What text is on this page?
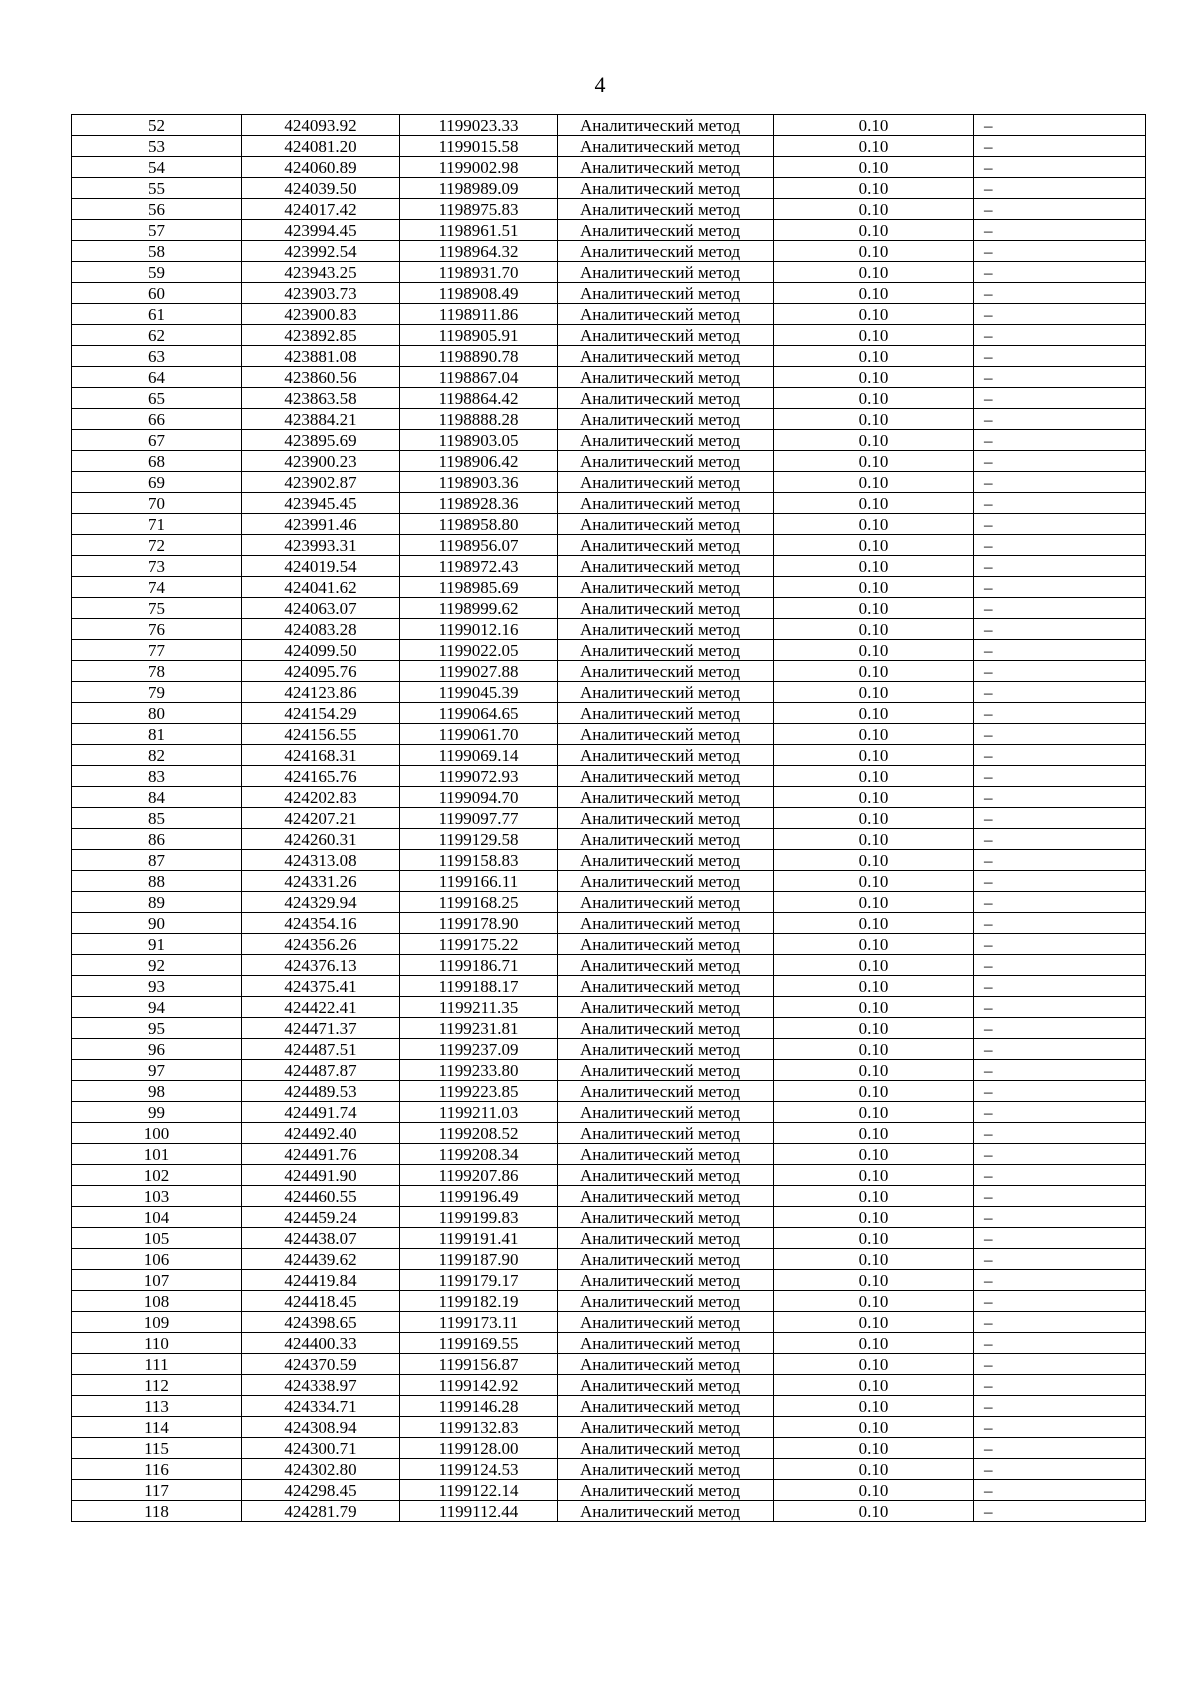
4
52	424093.92	1199023.33	Аналитический метод	0.10	–
53	424081.20	1199015.58	Аналитический метод	0.10	–
54	424060.89	1199002.98	Аналитический метод	0.10	–
55	424039.50	1198989.09	Аналитический метод	0.10	–
56	424017.42	1198975.83	Аналитический метод	0.10	–
57	423994.45	1198961.51	Аналитический метод	0.10	–
58	423992.54	1198964.32	Аналитический метод	0.10	–
59	423943.25	1198931.70	Аналитический метод	0.10	–
60	423903.73	1198908.49	Аналитический метод	0.10	–
61	423900.83	1198911.86	Аналитический метод	0.10	–
62	423892.85	1198905.91	Аналитический метод	0.10	–
63	423881.08	1198890.78	Аналитический метод	0.10	–
64	423860.56	1198867.04	Аналитический метод	0.10	–
65	423863.58	1198864.42	Аналитический метод	0.10	–
66	423884.21	1198888.28	Аналитический метод	0.10	–
67	423895.69	1198903.05	Аналитический метод	0.10	–
68	423900.23	1198906.42	Аналитический метод	0.10	–
69	423902.87	1198903.36	Аналитический метод	0.10	–
70	423945.45	1198928.36	Аналитический метод	0.10	–
71	423991.46	1198958.80	Аналитический метод	0.10	–
72	423993.31	1198956.07	Аналитический метод	0.10	–
73	424019.54	1198972.43	Аналитический метод	0.10	–
74	424041.62	1198985.69	Аналитический метод	0.10	–
75	424063.07	1198999.62	Аналитический метод	0.10	–
76	424083.28	1199012.16	Аналитический метод	0.10	–
77	424099.50	1199022.05	Аналитический метод	0.10	–
78	424095.76	1199027.88	Аналитический метод	0.10	–
79	424123.86	1199045.39	Аналитический метод	0.10	–
80	424154.29	1199064.65	Аналитический метод	0.10	–
81	424156.55	1199061.70	Аналитический метод	0.10	–
82	424168.31	1199069.14	Аналитический метод	0.10	–
83	424165.76	1199072.93	Аналитический метод	0.10	–
84	424202.83	1199094.70	Аналитический метод	0.10	–
85	424207.21	1199097.77	Аналитический метод	0.10	–
86	424260.31	1199129.58	Аналитический метод	0.10	–
87	424313.08	1199158.83	Аналитический метод	0.10	–
88	424331.26	1199166.11	Аналитический метод	0.10	–
89	424329.94	1199168.25	Аналитический метод	0.10	–
90	424354.16	1199178.90	Аналитический метод	0.10	–
91	424356.26	1199175.22	Аналитический метод	0.10	–
92	424376.13	1199186.71	Аналитический метод	0.10	–
93	424375.41	1199188.17	Аналитический метод	0.10	–
94	424422.41	1199211.35	Аналитический метод	0.10	–
95	424471.37	1199231.81	Аналитический метод	0.10	–
96	424487.51	1199237.09	Аналитический метод	0.10	–
97	424487.87	1199233.80	Аналитический метод	0.10	–
98	424489.53	1199223.85	Аналитический метод	0.10	–
99	424491.74	1199211.03	Аналитический метод	0.10	–
100	424492.40	1199208.52	Аналитический метод	0.10	–
101	424491.76	1199208.34	Аналитический метод	0.10	–
102	424491.90	1199207.86	Аналитический метод	0.10	–
103	424460.55	1199196.49	Аналитический метод	0.10	–
104	424459.24	1199199.83	Аналитический метод	0.10	–
105	424438.07	1199191.41	Аналитический метод	0.10	–
106	424439.62	1199187.90	Аналитический метод	0.10	–
107	424419.84	1199179.17	Аналитический метод	0.10	–
108	424418.45	1199182.19	Аналитический метод	0.10	–
109	424398.65	1199173.11	Аналитический метод	0.10	–
110	424400.33	1199169.55	Аналитический метод	0.10	–
111	424370.59	1199156.87	Аналитический метод	0.10	–
112	424338.97	1199142.92	Аналитический метод	0.10	–
113	424334.71	1199146.28	Аналитический метод	0.10	–
114	424308.94	1199132.83	Аналитический метод	0.10	–
115	424300.71	1199128.00	Аналитический метод	0.10	–
116	424302.80	1199124.53	Аналитический метод	0.10	–
117	424298.45	1199122.14	Аналитический метод	0.10	–
118	424281.79	1199112.44	Аналитический метод	0.10	–
